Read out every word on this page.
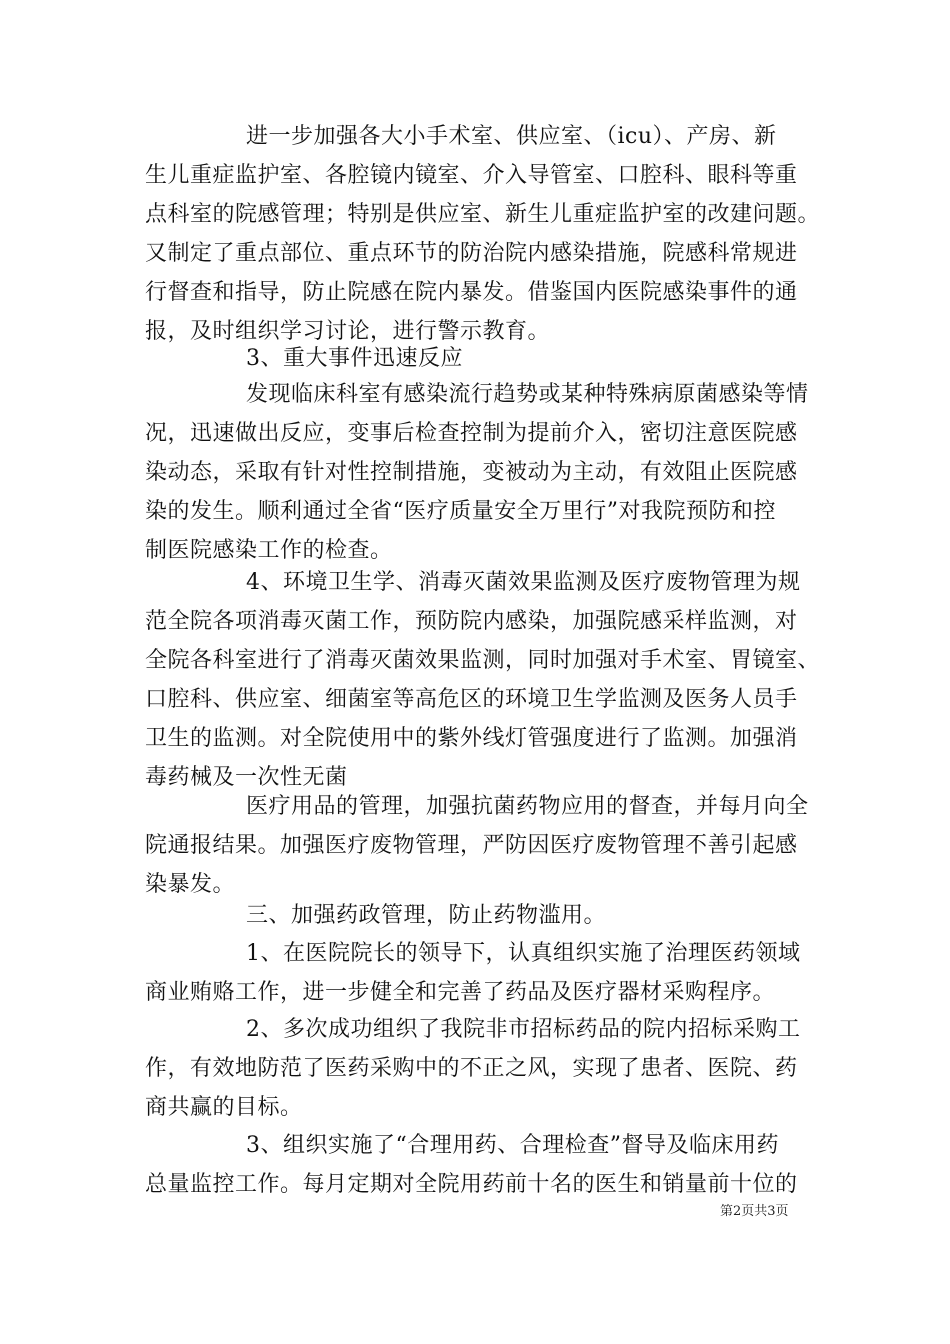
进一步加强各大小手术室、供应室、（icu）、产房、新
生儿重症监护室、各腔镜内镜室、介入导管室、口腔科、眼科等重
点科室的院感管理；特别是供应室、新生儿重症监护室的改建问题。
又制定了重点部位、重点环节的防治院内感染措施，院感科常规进
行督查和指导，防止院感在院内暴发。借鉴国内医院感染事件的通
报，及时组织学习讨论，进行警示教育。
3、重大事件迅速反应
发现临床科室有感染流行趋势或某种特殊病原菌感染等情
况，迅速做出反应，变事后检查控制为提前介入，密切注意医院感
染动态，采取有针对性控制措施，变被动为主动，有效阻止医院感
染的发生。顺利通过全省“医疗质量安全万里行”对我院预防和控
制医院感染工作的检查。
4、环境卫生学、消毒灭菌效果监测及医疗废物管理为规
范全院各项消毒灭菌工作，预防院内感染，加强院感采样监测，对
全院各科室进行了消毒灭菌效果监测，同时加强对手术室、胃镜室、
口腔科、供应室、细菌室等高危区的环境卫生学监测及医务人员手
卫生的监测。对全院使用中的紫外线灯管强度进行了监测。加强消
毒药械及一次性无菌
医疗用品的管理，加强抗菌药物应用的督查，并每月向全
院通报结果。加强医疗废物管理，严防因医疗废物管理不善引起感
染暴发。
三、加强药政管理，防止药物滥用。
1、在医院院长的领导下，认真组织实施了治理医药领域
商业贿赂工作，进一步健全和完善了药品及医疗器材采购程序。
2、多次成功组织了我院非市招标药品的院内招标采购工
作，有效地防范了医药采购中的不正之风，实现了患者、医院、药
商共赢的目标。
3、组织实施了“合理用药、合理检查”督导及临床用药
总量监控工作。每月定期对全院用药前十名的医生和销量前十位的
第2页共3页
